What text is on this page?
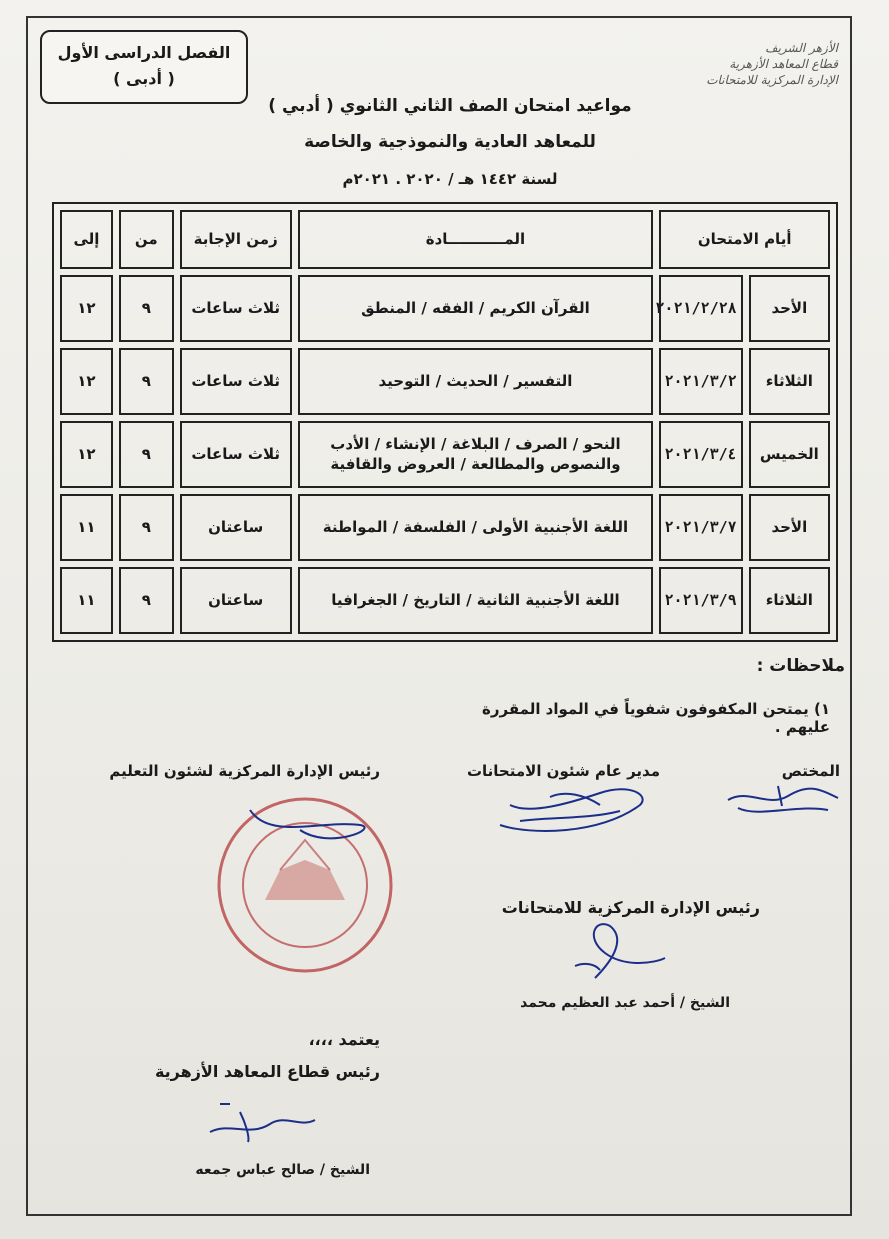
الفصل الدراسى الأول
( أدبى )
الأزهر الشريف
قطاع المعاهد الأزهرية
الإدارة المركزية للامتحانات
مواعيد امتحان الصف الثاني الثانوي ( أدبي )
للمعاهد العادية والنموذجية والخاصة
لسنة ١٤٤٢ هـ / ٢٠٢٠ . ٢٠٢١م
أيام الامتحان		المـــــــــــادة	زمن الإجابة	من	إلى
الأحد	٢٠٢١/٢/٢٨	القرآن الكريم / الفقه / المنطق	ثلاث ساعات	٩	١٢
الثلاثاء	٢٠٢١/٣/٢	التفسير / الحديث / التوحيد	ثلاث ساعات	٩	١٢
الخميس	٢٠٢١/٣/٤	النحو / الصرف / البلاغة / الإنشاء / الأدب والنصوص والمطالعة / العروض والقافية	ثلاث ساعات	٩	١٢
الأحد	٢٠٢١/٣/٧	اللغة الأجنبية الأولى / الفلسفة / المواطنة	ساعتان	٩	١١
الثلاثاء	٢٠٢١/٣/٩	اللغة الأجنبية الثانية / التاريخ / الجغرافيا	ساعتان	٩	١١
ملاحظات :
١) يمتحن المكفوفون شفوياً في المواد المقررة عليهم .
المختص
مدير عام شئون الامتحانات
رئيس الإدارة المركزية لشئون التعليم
رئيس الإدارة المركزية للامتحانات
الشيخ / أحمد عبد العظيم محمد
يعتمد ،،،،
رئيس قطاع المعاهد الأزهرية
الشيخ / صالح عباس جمعه
